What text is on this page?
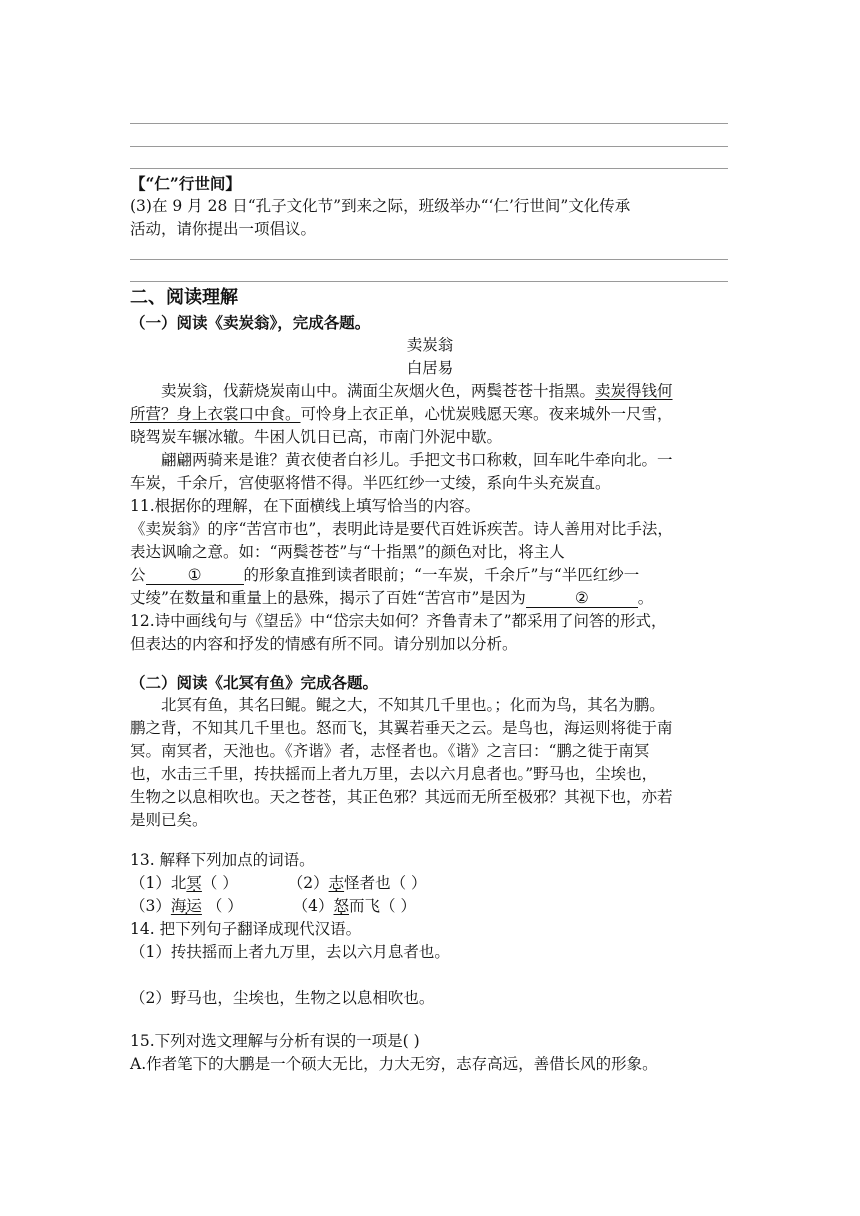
【“仁”行世间】
(3)在 9 月 28 日“孔子文化节”到来之际，班级举办“‘仁’行世间”文化传承
活动，请你提出一项倡议。
二、阅读理解
（一）阅读《卖炭翁》，完成各题。
卖炭翁
白居易
卖炭翁，伐薪烧炭南山中。满面尘灰烟火色，两鬓苍苍十指黑。卖炭得钱何
所营？身上衣裳口中食。可怜身上衣正单，心忧炭贱愿天寒。夜来城外一尺雪，
晓驾炭车辗冰辙。牛困人饥日已高，市南门外泥中歇。
翩翩两骑来是谁？黄衣使者白衫儿。手把文书口称敕，回车叱牛牵向北。一
车炭，千余斤，宫使驱将惜不得。半匹红纱一丈绫，系向牛头充炭直。
11.根据你的理解，在下面横线上填写恰当的内容。
《卖炭翁》的序“苦宫市也”，表明此诗是要代百姓诉疾苦。诗人善用对比手法，
表达讽喻之意。如：“两鬓苍苍”与“十指黑”的颜色对比，将主人
公	①	的形象直推到读者眼前；“一车炭，千余斤”与“半匹红纱一
丈绫”在数量和重量上的悬殊，揭示了百姓“苦宫市”是因为	②	。
12.诗中画线句与《望岳》中“岱宗夫如何？齐鲁青未了”都采用了问答的形式，
但表达的内容和抒发的情感有所不同。请分别加以分析。
（二）阅读《北冥有鱼》完成各题。
北冥有鱼，其名曰鲲。鲲之大，不知其几千里也。；化而为鸟，其名为鹏。
鹏之背，不知其几千里也。怒而飞，其翼若垂天之云。是鸟也，海运则将徙于南
冥。南冥者，天池也。《齐谐》者，志怪者也。《谐》之言曰：“鹏之徙于南冥
也，水击三千里，抟扶摇而上者九万里，去以六月息者也。”野马也，尘埃也，
生物之以息相吹也。天之苍苍，其正色邪？其远而无所至极邪？其视下也，亦若
是则已矣。
13. 解释下列加点的词语。
（1）北冥（ ）	（2）志怪者也（ ）
（3）海运 （ ）	（4）怒而飞（ ）
14. 把下列句子翻译成现代汉语。
（1）抟扶摇而上者九万里，去以六月息者也。
（2）野马也，尘埃也，生物之以息相吹也。
15.下列对选文理解与分析有误的一项是( )
A.作者笔下的大鹏是一个硕大无比，力大无穷，志存高远，善借长风的形象。
